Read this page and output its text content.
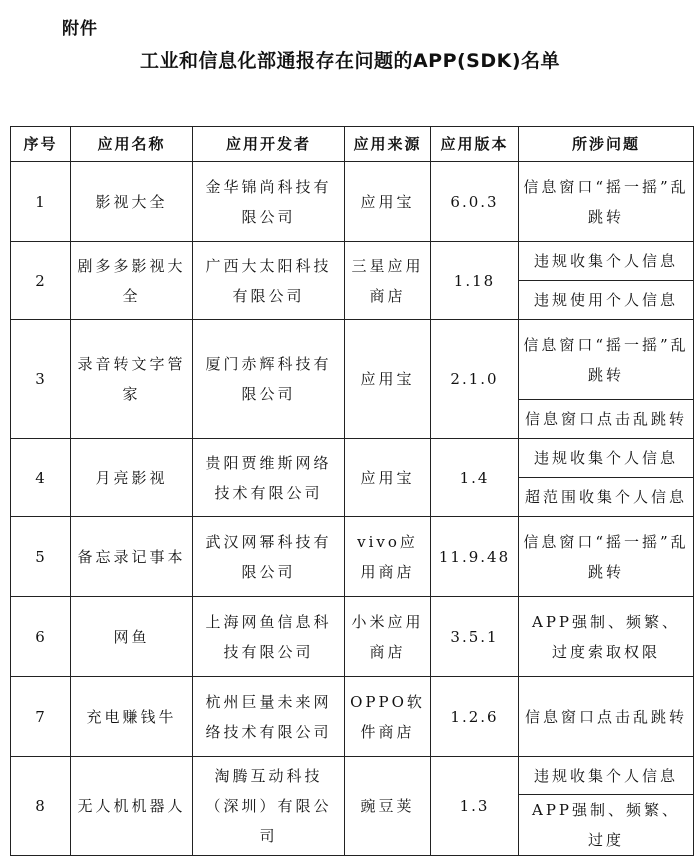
附件
工业和信息化部通报存在问题的APP(SDK)名单
序号	应用名称	应用开发者	应用来源	应用版本	所涉问题
1	影视大全	金华锦尚科技有限公司	应用宝	6.0.3	信息窗口“摇一摇”乱跳转
2	剧多多影视大全	广西大太阳科技有限公司	三星应用商店	1.18	违规收集个人信息
					违规使用个人信息
3	录音转文字管家	厦门赤辉科技有限公司	应用宝	2.1.0	信息窗口“摇一摇”乱跳转
					信息窗口点击乱跳转
4	月亮影视	贵阳贾维斯网络技术有限公司	应用宝	1.4	违规收集个人信息
					超范围收集个人信息
5	备忘录记事本	武汉网幂科技有限公司	vivo应用商店	11.9.48	信息窗口“摇一摇”乱跳转
6	网鱼	上海网鱼信息科技有限公司	小米应用商店	3.5.1	APP强制、频繁、过度索取权限
7	充电赚钱牛	杭州巨量未来网络技术有限公司	OPPO软件商店	1.2.6	信息窗口点击乱跳转
8	无人机机器人	淘腾互动科技（深圳）有限公司	豌豆荚	1.3	违规收集个人信息
					APP强制、频繁、过度
